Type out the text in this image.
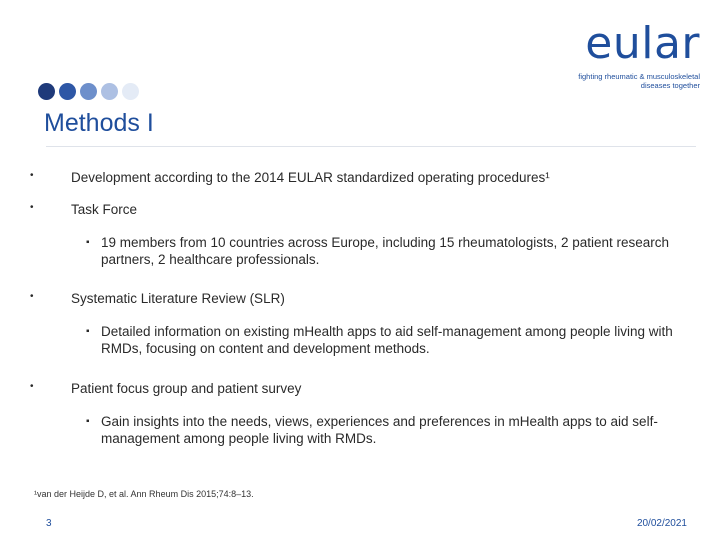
eular
fighting rheumatic & musculoskeletal
diseases together
Methods I
•	Development according to the 2014 EULAR standardized operating procedures¹
•	Task Force
▪ 19 members from 10 countries across Europe, including 15 rheumatologists, 2 patient research partners, 2 healthcare professionals.
•	Systematic Literature Review (SLR)
▪ Detailed information on existing mHealth apps to aid self-management among people living with RMDs, focusing on content and development methods.
•	Patient focus group and patient survey
▪ Gain insights into the needs, views, experiences and preferences in mHealth apps to aid self-management among people living with RMDs.
¹van der Heijde D, et al. Ann Rheum Dis 2015;74:8–13.
3	20/02/2021
